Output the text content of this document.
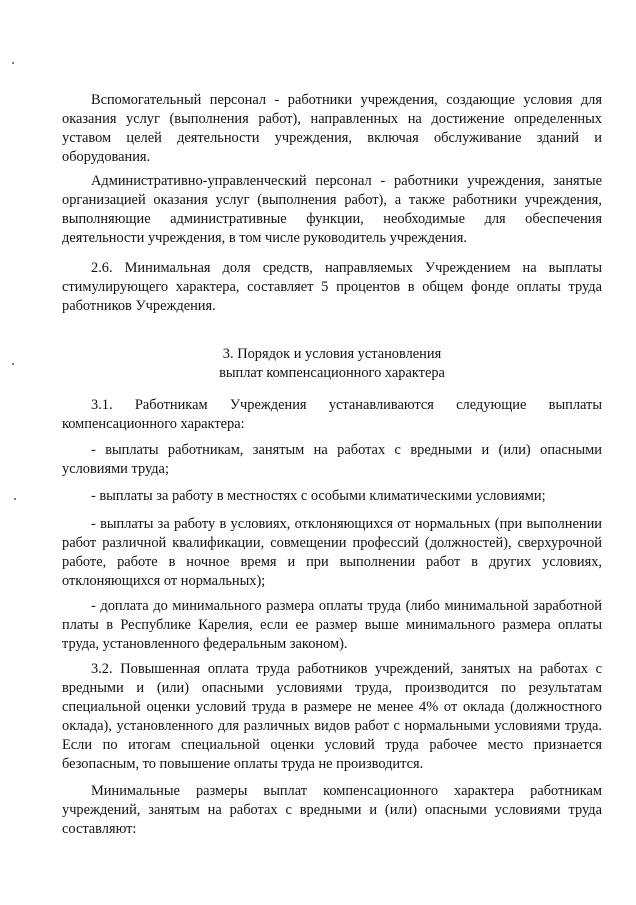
Вспомогательный персонал - работники учреждения, создающие условия для оказания услуг (выполнения работ), направленных на достижение определенных уставом целей деятельности учреждения, включая обслуживание зданий и оборудования.

Административно-управленческий персонал - работники учреждения, занятые организацией оказания услуг (выполнения работ), а также работники учреждения, выполняющие административные функции, необходимые для обеспечения деятельности учреждения, в том числе руководитель учреждения.

2.6. Минимальная доля средств, направляемых Учреждением на выплаты стимулирующего характера, составляет 5 процентов в общем фонде оплаты труда работников Учреждения.

3. Порядок и условия установления
выплат компенсационного характера

3.1. Работникам Учреждения устанавливаются следующие выплаты компенсационного характера:

- выплаты работникам, занятым на работах с вредными и (или) опасными условиями труда;

- выплаты за работу в местностях с особыми климатическими условиями;

- выплаты за работу в условиях, отклоняющихся от нормальных (при выполнении работ различной квалификации, совмещении профессий (должностей), сверхурочной работе, работе в ночное время и при выполнении работ в других условиях, отклоняющихся от нормальных);

- доплата до минимального размера оплаты труда (либо минимальной заработной платы в Республике Карелия, если ее размер выше минимального размера оплаты труда, установленного федеральным законом).

3.2. Повышенная оплата труда работников учреждений, занятых на работах с вредными и (или) опасными условиями труда, производится по результатам специальной оценки условий труда в размере не менее 4% от оклада (должностного оклада), установленного для различных видов работ с нормальными условиями труда. Если по итогам специальной оценки условий труда рабочее место признается безопасным, то повышение оплаты труда не производится.

Минимальные размеры выплат компенсационного характера работникам учреждений, занятым на работах с вредными и (или) опасными условиями труда составляют:
